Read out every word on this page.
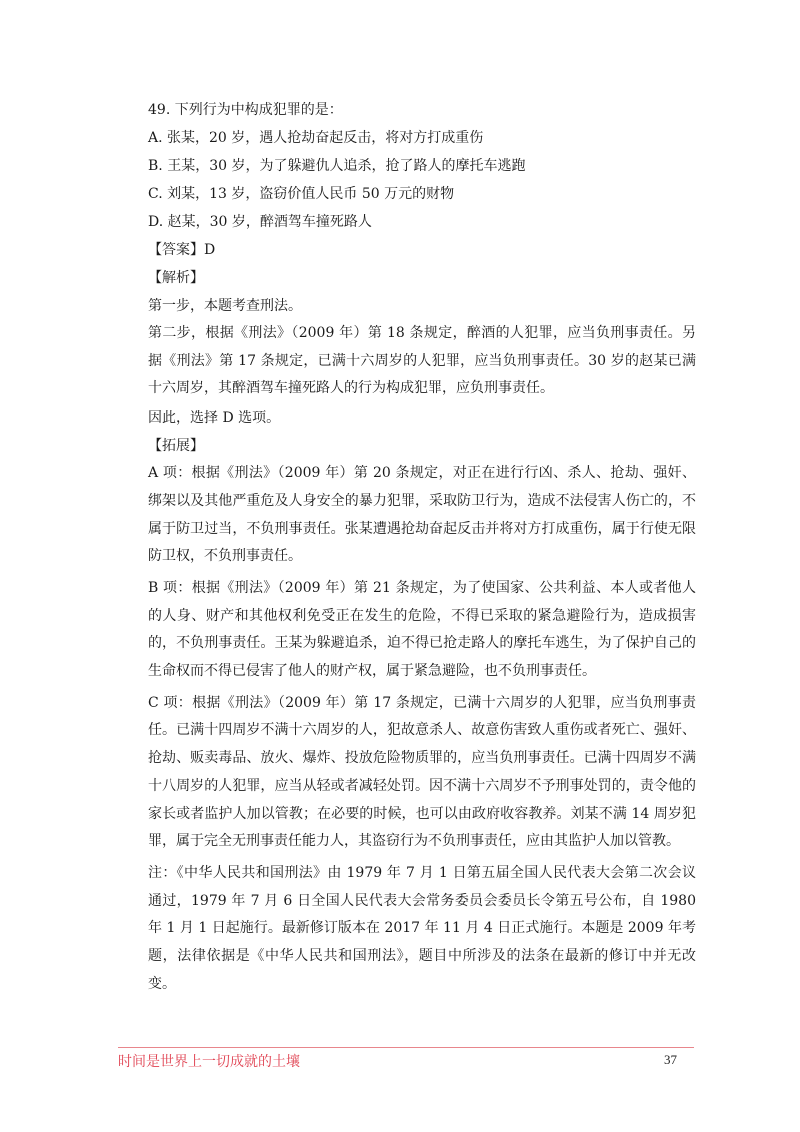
49. 下列行为中构成犯罪的是：
A. 张某，20 岁，遇人抢劫奋起反击，将对方打成重伤
B. 王某，30 岁，为了躲避仇人追杀，抢了路人的摩托车逃跑
C. 刘某，13 岁，盗窃价值人民币 50 万元的财物
D. 赵某，30 岁，醉酒驾车撞死路人
【答案】D
【解析】
第一步，本题考查刑法。

第二步，根据《刑法》（2009 年）第 18 条规定，醉酒的人犯罪，应当负刑事责任。另据《刑法》第 17 条规定，已满十六周岁的人犯罪，应当负刑事责任。30 岁的赵某已满十六周岁，其醉酒驾车撞死路人的行为构成犯罪，应负刑事责任。

因此，选择 D 选项。
【拓展】

A 项：根据《刑法》（2009 年）第 20 条规定，对正在进行行凶、杀人、抢劫、强奸、绑架以及其他严重危及人身安全的暴力犯罪，采取防卫行为，造成不法侵害人伤亡的，不属于防卫过当，不负刑事责任。张某遭遇抢劫奋起反击并将对方打成重伤，属于行使无限防卫权，不负刑事责任。

B 项：根据《刑法》（2009 年）第 21 条规定，为了使国家、公共利益、本人或者他人的人身、财产和其他权利免受正在发生的危险，不得已采取的紧急避险行为，造成损害的，不负刑事责任。王某为躲避追杀，迫不得已抢走路人的摩托车逃生，为了保护自己的生命权而不得已侵害了他人的财产权，属于紧急避险，也不负刑事责任。

C 项：根据《刑法》（2009 年）第 17 条规定，已满十六周岁的人犯罪，应当负刑事责任。已满十四周岁不满十六周岁的人，犯故意杀人、故意伤害致人重伤或者死亡、强奸、抢劫、贩卖毒品、放火、爆炸、投放危险物质罪的，应当负刑事责任。已满十四周岁不满十八周岁的人犯罪，应当从轻或者减轻处罚。因不满十六周岁不予刑事处罚的，责令他的家长或者监护人加以管教；在必要的时候，也可以由政府收容教养。刘某不满 14 周岁犯罪，属于完全无刑事责任能力人，其盗窃行为不负刑事责任，应由其监护人加以管教。

注：《中华人民共和国刑法》由 1979 年 7 月 1 日第五届全国人民代表大会第二次会议通过，1979 年 7 月 6 日全国人民代表大会常务委员会委员长令第五号公布，自 1980 年 1 月 1 日起施行。最新修订版本在 2017 年 11 月 4 日正式施行。本题是 2009 年考题，法律依据是《中华人民共和国刑法》，题目中所涉及的法条在最新的修订中并无改变。

时间是世界上一切成就的土壤	37
